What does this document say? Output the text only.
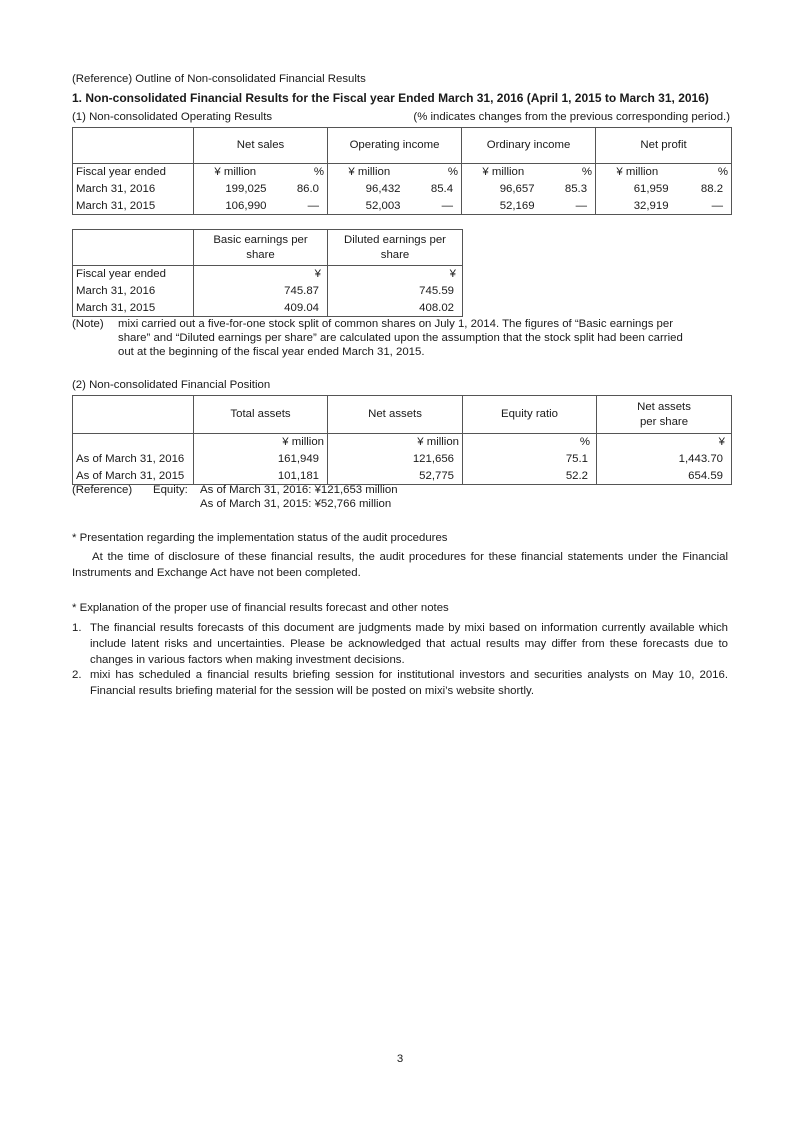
(Reference) Outline of Non-consolidated Financial Results
1. Non-consolidated Financial Results for the Fiscal year Ended March 31, 2016 (April 1, 2015 to March 31, 2016)
(1) Non-consolidated Operating Results	(% indicates changes from the previous corresponding period.)
	Net sales		Operating income		Ordinary income		Net profit	
Fiscal year ended	¥ million	%	¥ million	%	¥ million	%	¥ million	%
March 31, 2016	199,025	86.0	96,432	85.4	96,657	85.3	61,959	88.2
March 31, 2015	106,990	—	52,003	—	52,169	—	32,919	—
	Basic earnings per share	Diluted earnings per share
Fiscal year ended	¥	¥
March 31, 2016	745.87	745.59
March 31, 2015	409.04	408.02
(Note) mixi carried out a five-for-one stock split of common shares on July 1, 2014. The figures of “Basic earnings per
share” and “Diluted earnings per share” are calculated upon the assumption that the stock split had been carried
out at the beginning of the fiscal year ended March 31, 2015.
(2) Non-consolidated Financial Position
	Total assets	Net assets	Equity ratio	Net assets
per share

	¥ million	¥ million	%	¥
As of March 31, 2016	161,949	121,656	75.1	1,443.70
As of March 31, 2015	101,181	52,775	52.2	654.59
(Reference) Equity: As of March 31, 2016: ¥121,653 million
As of March 31, 2015: ¥52,766 million
* Presentation regarding the implementation status of the audit procedures
At the time of disclosure of these financial results, the audit procedures for these financial statements under the Financial Instruments and Exchange Act have not been completed.
* Explanation of the proper use of financial results forecast and other notes
1. The financial results forecasts of this document are judgments made by mixi based on information currently available which include latent risks and uncertainties. Please be acknowledged that actual results may differ from these forecasts due to changes in various factors when making investment decisions.
2. mixi has scheduled a financial results briefing session for institutional investors and securities analysts on May 10, 2016. Financial results briefing material for the session will be posted on mixi’s website shortly.
3
